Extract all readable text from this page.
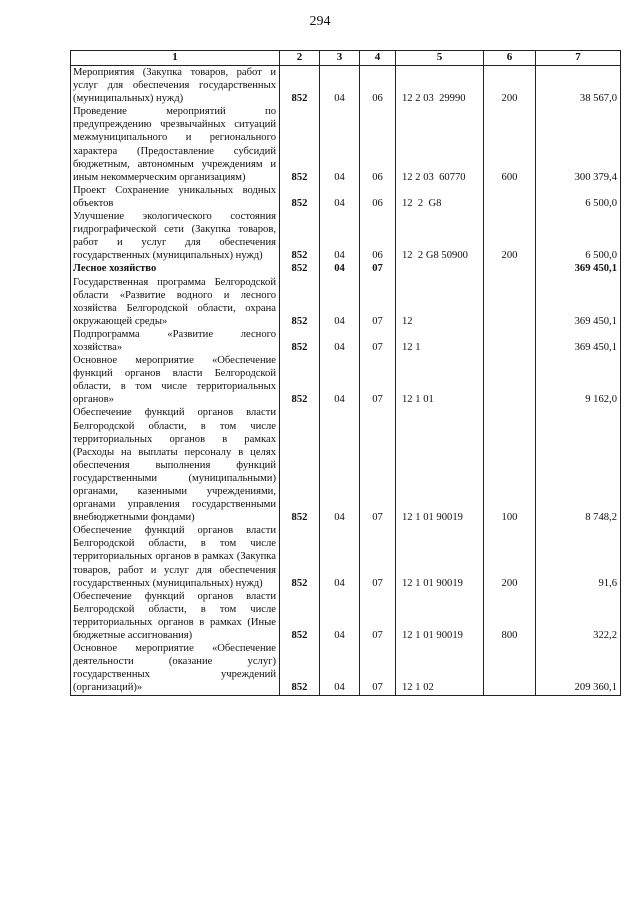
294
1	2	3	4	5	6	7
Мероприятия (Закупка товаров, работ и услуг для обеспечения государственных (муниципальных) нужд)	852	04	06	12 2 03  29990	200	38 567,0
Проведение мероприятий по предупреждению чрезвычайных ситуаций межмуниципального и регионального характера (Предоставление субсидий бюджетным, автономным учреждениям и иным некоммерческим организациям)	852	04	06	12 2 03  60770	600	300 379,4
Проект Сохранение уникальных водных объектов	852	04	06	12  2  G8		6 500,0
Улучшение экологического состояния гидрографической сети (Закупка товаров, работ и услуг для обеспечения государственных (муниципальных) нужд)	852	04	06	12  2 G8 50900	200	6 500,0
Лесное хозяйство	852	04	07			369 450,1
Государственная программа Белгородской области «Развитие водного и лесного хозяйства Белгородской области, охрана окружающей среды»	852	04	07	12		369 450,1
Подпрограмма «Развитие лесного хозяйства»	852	04	07	12 1		369 450,1
Основное мероприятие «Обеспечение функций органов власти Белгородской области, в том числе территориальных органов»	852	04	07	12 1 01		9 162,0
Обеспечение функций органов власти Белгородской области, в том числе территориальных органов в рамках (Расходы на выплаты персоналу в целях обеспечения выполнения функций государственными (муниципальными) органами, казенными учреждениями, органами управления государственными внебюджетными фондами)	852	04	07	12 1 01 90019	100	8 748,2
Обеспечение функций органов власти Белгородской области, в том числе территориальных органов в рамках (Закупка товаров, работ и услуг для обеспечения государственных (муниципальных) нужд)	852	04	07	12 1 01 90019	200	91,6
Обеспечение функций органов власти Белгородской области, в том числе территориальных органов в рамках (Иные бюджетные ассигнования)	852	04	07	12 1 01 90019	800	322,2
Основное мероприятие «Обеспечение деятельности (оказание услуг) государственных учреждений (организаций)»	852	04	07	12 1 02		209 360,1
